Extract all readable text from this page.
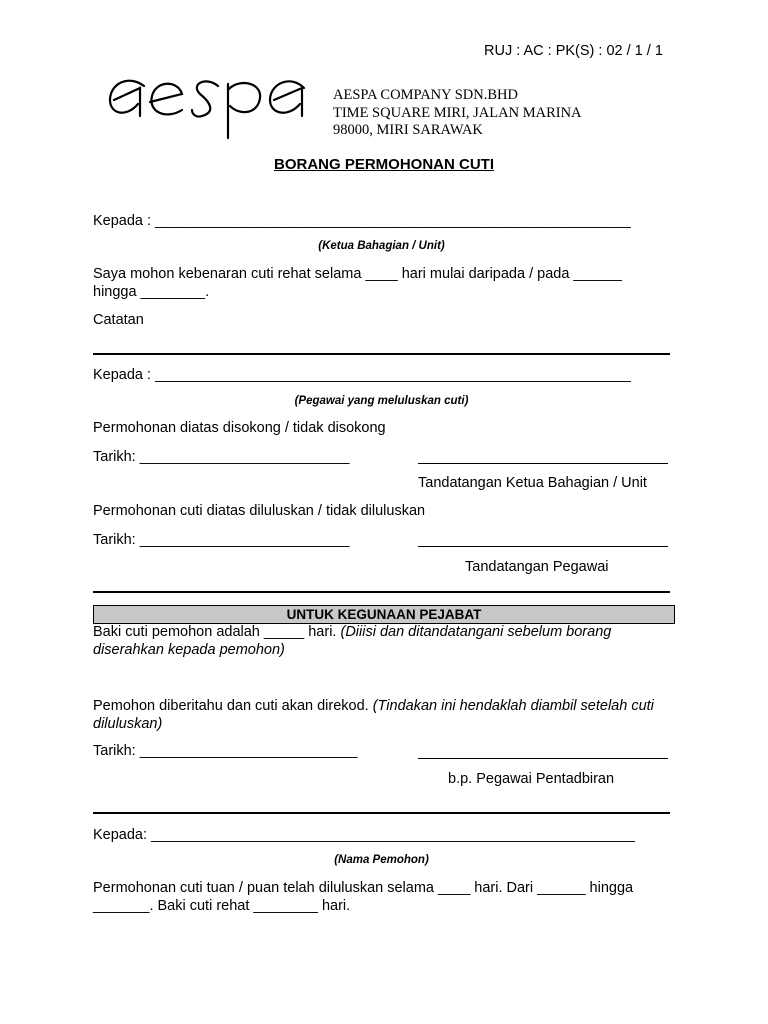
RUJ : AC : PK(S) : 02 / 1 / 1
AESPA COMPANY SDN.BHD
TIME SQUARE MIRI, JALAN MARINA
98000, MIRI SARAWAK
BORANG PERMOHONAN CUTI
Kepada : ___________________________________________________________
(Ketua Bahagian / Unit)
Saya mohon kebenaran cuti rehat selama ____ hari mulai daripada / pada ______ hingga ________.
Catatan
Kepada : ___________________________________________________________
(Pegawai yang meluluskan cuti)
Permohonan diatas disokong / tidak disokong
Tarikh: __________________________
Tandatangan Ketua Bahagian / Unit
Permohonan cuti diatas diluluskan / tidak diluluskan
Tarikh: __________________________
Tandatangan Pegawai
UNTUK KEGUNAAN PEJABAT
Baki cuti pemohon adalah _____ hari. (Diiisi dan ditandatangani sebelum borang diserahkan kepada pemohon)
Pemohon diberitahu dan cuti akan direkod. (Tindakan ini hendaklah diambil setelah cuti diluluskan)
Tarikh: ___________________________
b.p. Pegawai Pentadbiran
Kepada: ____________________________________________________________
(Nama Pemohon)
Permohonan cuti tuan / puan telah diluluskan selama ____ hari. Dari ______ hingga _______. Baki cuti rehat ________ hari.
